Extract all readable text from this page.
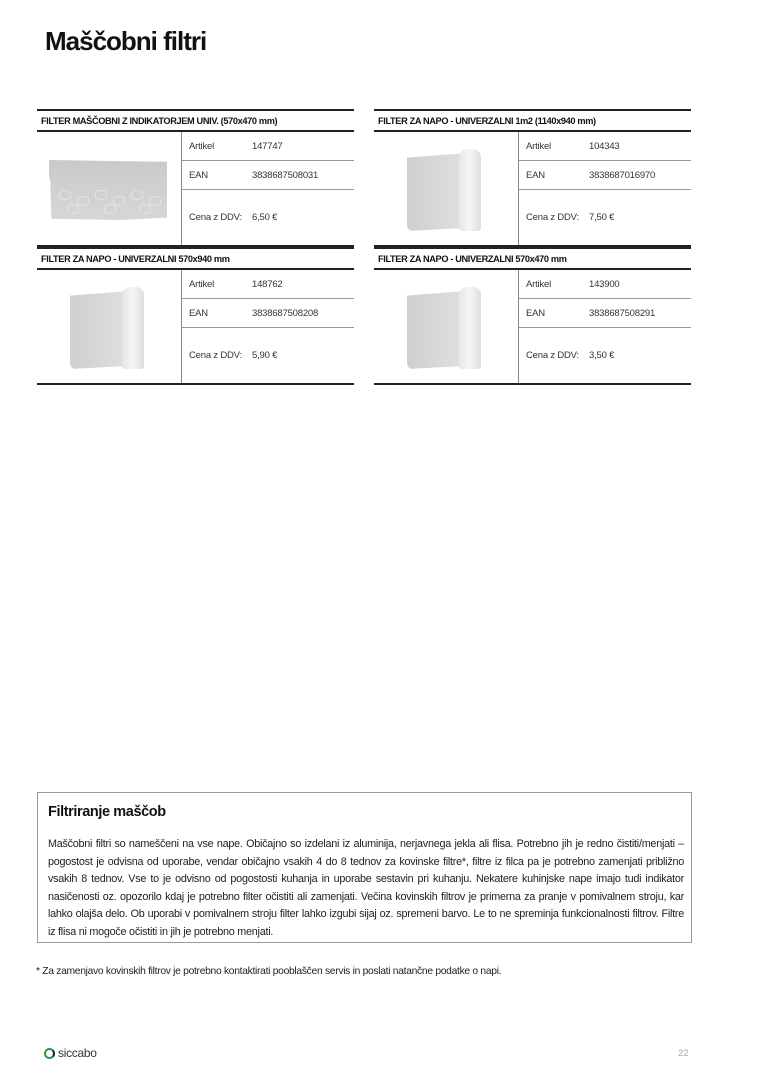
Maščobni filtri
FILTER MAŠČOBNI Z INDIKATORJEM UNIV. (570x470 mm)
Artikel	147747
EAN	3838687508031
Cena z DDV:	6,50 €
FILTER ZA NAPO - UNIVERZALNI 1m2 (1140x940 mm)
Artikel	104343
EAN	3838687016970
Cena z DDV:	7,50 €
FILTER ZA NAPO - UNIVERZALNI 570x940 mm
Artikel	148762
EAN	3838687508208
Cena z DDV:	5,90 €
FILTER ZA NAPO - UNIVERZALNI 570x470 mm
Artikel	143900
EAN	3838687508291
Cena z DDV:	3,50 €
Filtriranje maščob

Maščobni filtri so nameščeni na vse nape. Običajno so izdelani iz aluminija, nerjavnega jekla ali flisa. Potrebno jih je redno čistiti/menjati – pogostost je odvisna od uporabe, vendar običajno vsakih 4 do 8 tednov za kovinske filtre*, filtre iz filca pa je potrebno zamenjati približno vsakih 8 tednov. Vse to je odvisno od pogostosti kuhanja in uporabe sestavin pri kuhanju. Nekatere kuhinjske nape imajo tudi indikator nasičenosti oz. opozorilo kdaj je potrebno filter očistiti ali zamenjati. Večina kovinskih filtrov je primerna za pranje v pomivalnem stroju, kar lahko olajša delo. Ob uporabi v pomivalnem stroju filter lahko izgubi sijaj oz. spremeni barvo. Le to ne spreminja funkcionalnosti filtrov. Filtre iz flisa ni mogoče očistiti in jih je potrebno menjati.

* Za zamenjavo kovinskih filtrov je potrebno kontaktirati pooblaščen servis in poslati natančne podatke o napi.

siccabo	22
